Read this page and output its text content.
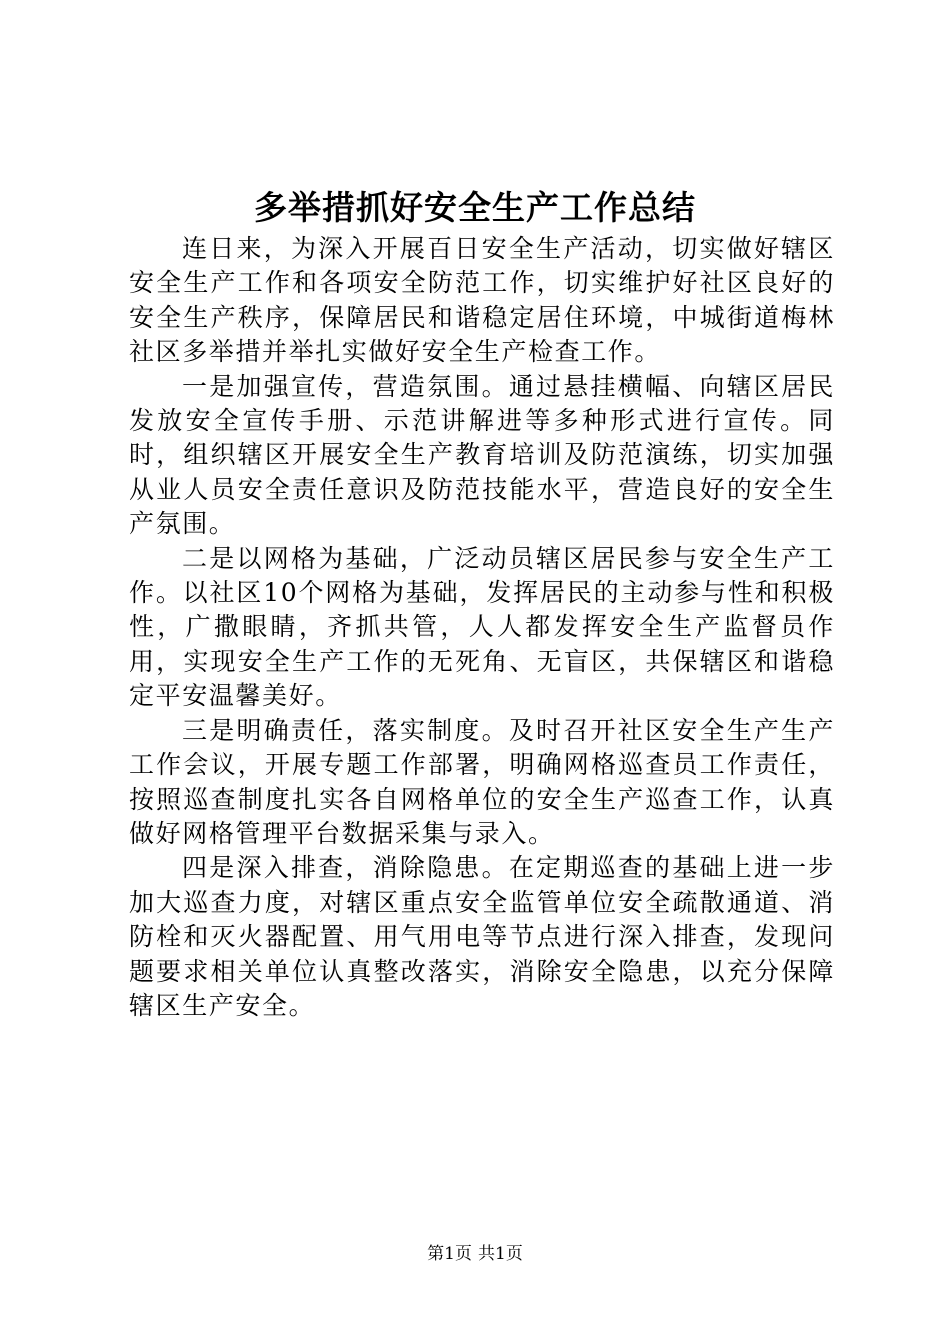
多举措抓好安全生产工作总结

连日来，为深入开展百日安全生产活动，切实做好辖区安全生产工作和各项安全防范工作，切实维护好社区良好的安全生产秩序，保障居民和谐稳定居住环境，中城街道梅林社区多举措并举扎实做好安全生产检查工作。

一是加强宣传，营造氛围。通过悬挂横幅、向辖区居民发放安全宣传手册、示范讲解进等多种形式进行宣传。同时，组织辖区开展安全生产教育培训及防范演练，切实加强从业人员安全责任意识及防范技能水平，营造良好的安全生产氛围。

二是以网格为基础，广泛动员辖区居民参与安全生产工作。以社区10个网格为基础，发挥居民的主动参与性和积极性，广撒眼睛，齐抓共管，人人都发挥安全生产监督员作用，实现安全生产工作的无死角、无盲区，共保辖区和谐稳定平安温馨美好。

三是明确责任，落实制度。及时召开社区安全生产生产工作会议，开展专题工作部署，明确网格巡查员工作责任，按照巡查制度扎实各自网格单位的安全生产巡查工作，认真做好网格管理平台数据采集与录入。

四是深入排查，消除隐患。在定期巡查的基础上进一步加大巡查力度，对辖区重点安全监管单位安全疏散通道、消防栓和灭火器配置、用气用电等节点进行深入排查，发现问题要求相关单位认真整改落实，消除安全隐患，以充分保障辖区生产安全。

第1页 共1页
